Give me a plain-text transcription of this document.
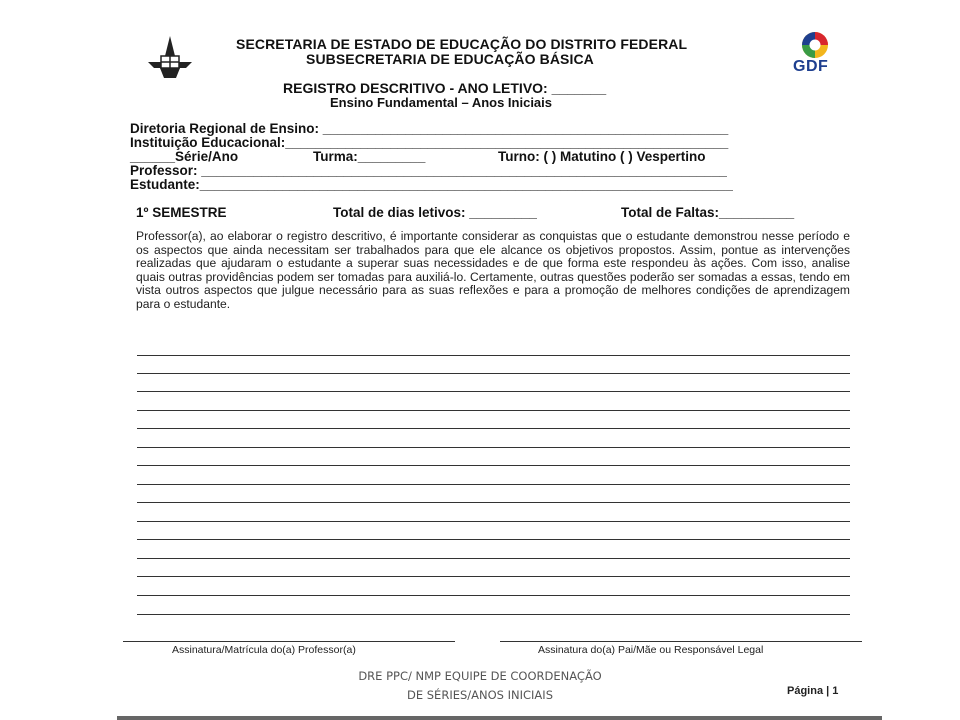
SECRETARIA DE ESTADO DE EDUCAÇÃO DO DISTRITO FEDERAL
SUBSECRETARIA DE EDUCAÇÃO BÁSICA	GDF
REGISTRO DESCRITIVO - ANO LETIVO: _______
Ensino Fundamental – Anos Iniciais
Diretoria Regional de Ensino: ______________________________________________________
Instituição Educacional:___________________________________________________________
______Série/Ano	Turma:_________	Turno: ( ) Matutino ( ) Vespertino
Professor: ______________________________________________________________________
Estudante:_______________________________________________________________________
1º SEMESTRE	Total de dias letivos: _________	Total de Faltas:__________
Professor(a), ao elaborar o registro descritivo, é importante considerar as conquistas que o estudante demonstrou nesse período e os aspectos que ainda necessitam ser trabalhados para que ele alcance os objetivos propostos. Assim, pontue as intervenções realizadas que ajudaram o estudante a superar suas necessidades e de que forma este respondeu às ações. Com isso, analise quais outras providências podem ser tomadas para auxiliá-lo. Certamente, outras questões poderão ser somadas a essas, tendo em vista outros aspectos que julgue necessário para as suas reflexões e para a promoção de melhores condições de aprendizagem para o estudante.
Assinatura/Matrícula do(a) Professor(a)	Assinatura do(a) Pai/Mãe ou Responsável Legal
DRE PPC/ NMP EQUIPE DE COORDENAÇÃO
DE SÉRIES/ANOS INICIAIS	Página | 1
